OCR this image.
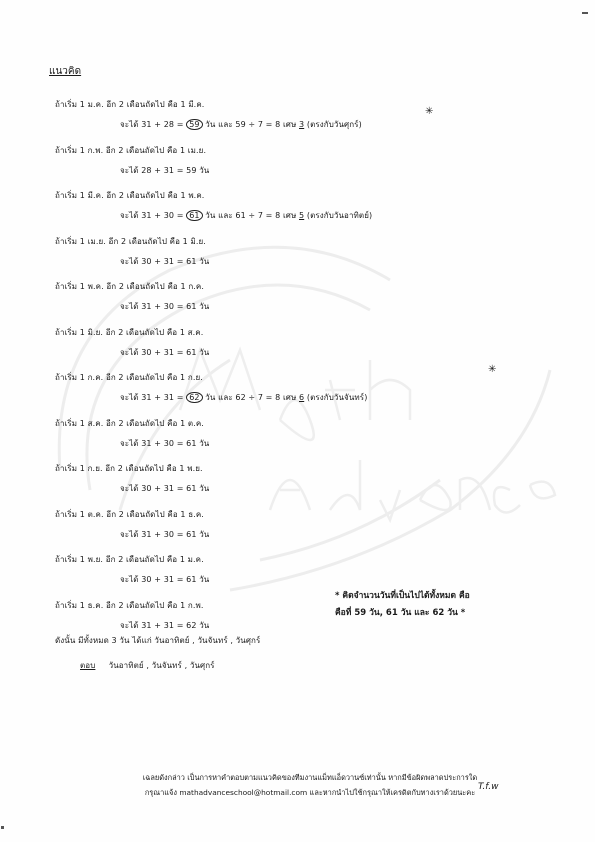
แนวคิด
ถ้าเริ่ม 1 ม.ค. อีก 2 เดือนถัดไป คือ 1 มี.ค.
จะได้ 31 + 28 = 59 วัน และ 59 ÷ 7 = 8 เศษ 3 (ตรงกับวันศุกร์)
ถ้าเริ่ม 1 ก.พ. อีก 2 เดือนถัดไป คือ 1 เม.ย.
จะได้ 28 + 31 = 59 วัน
ถ้าเริ่ม 1 มี.ค. อีก 2 เดือนถัดไป คือ 1 พ.ค.
จะได้ 31 + 30 = 61 วัน และ 61 ÷ 7 = 8 เศษ 5 (ตรงกับวันอาทิตย์)
ถ้าเริ่ม 1 เม.ย. อีก 2 เดือนถัดไป คือ 1 มิ.ย.
จะได้ 30 + 31 = 61 วัน
ถ้าเริ่ม 1 พ.ค. อีก 2 เดือนถัดไป คือ 1 ก.ค.
จะได้ 31 + 30 = 61 วัน
ถ้าเริ่ม 1 มิ.ย. อีก 2 เดือนถัดไป คือ 1 ส.ค.
จะได้ 30 + 31 = 61 วัน
ถ้าเริ่ม 1 ก.ค. อีก 2 เดือนถัดไป คือ 1 ก.ย.
จะได้ 31 + 31 = 62 วัน และ 62 ÷ 7 = 8 เศษ 6 (ตรงกับวันจันทร์)
ถ้าเริ่ม 1 ส.ค. อีก 2 เดือนถัดไป คือ 1 ต.ค.
จะได้ 31 + 30 = 61 วัน
ถ้าเริ่ม 1 ก.ย. อีก 2 เดือนถัดไป คือ 1 พ.ย.
จะได้ 30 + 31 = 61 วัน
ถ้าเริ่ม 1 ต.ค. อีก 2 เดือนถัดไป คือ 1 ธ.ค.
จะได้ 31 + 30 = 61 วัน
ถ้าเริ่ม 1 พ.ย. อีก 2 เดือนถัดไป คือ 1 ม.ค.
จะได้ 30 + 31 = 61 วัน
ถ้าเริ่ม 1 ธ.ค. อีก 2 เดือนถัดไป คือ 1 ก.พ.
จะได้ 31 + 31 = 62 วัน
✳
✳
* คิดจำนวนวันที่เป็นไปได้ทั้งหมด คือ
คือที่ 59 วัน, 61 วัน และ 62 วัน *
ดังนั้น มีทั้งหมด 3 วัน ได้แก่ วันอาทิตย์ , วันจันทร์ , วันศุกร์
ตอบ วันอาทิตย์ , วันจันทร์ , วันศุกร์
เฉลยดังกล่าว เป็นการหาคำตอบตามแนวคิดของทีมงานแม็ทแอ็ดวานซ์เท่านั้น หากมีข้อผิดพลาดประการใด
กรุณาแจ้ง mathadvanceschool@hotmail.com และหากนำไปใช้กรุณาให้เครดิตกับทางเราด้วยนะคะ
T.f.w
